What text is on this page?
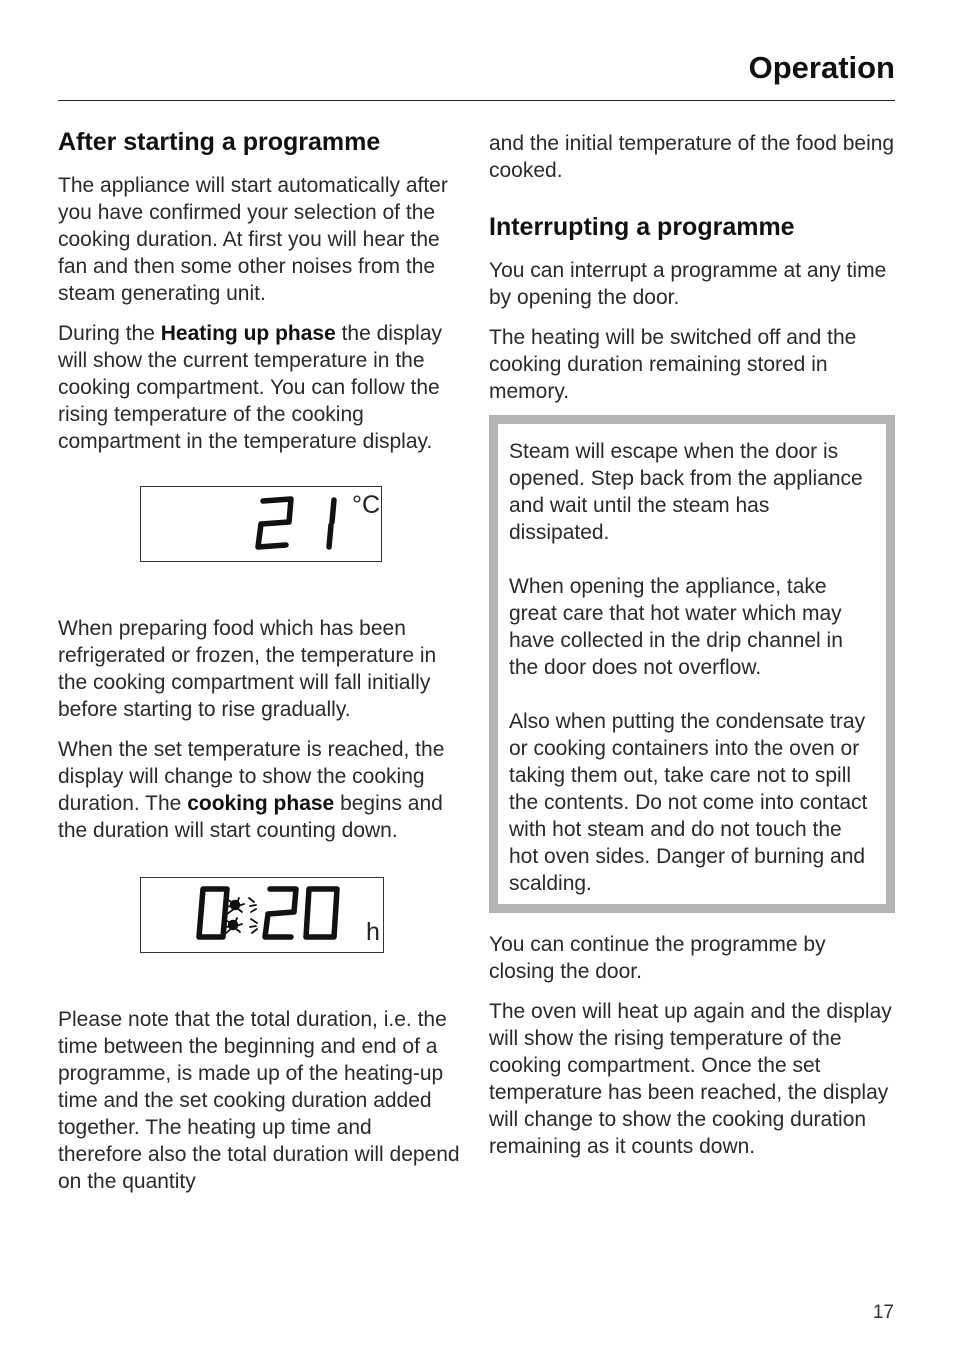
Operation
After starting a programme

The appliance will start automatically after you have confirmed your selection of the cooking duration. At first you will hear the fan and then some other noises from the steam generating unit.

During the Heating up phase the display will show the current temperature in the cooking compartment. You can follow the rising temperature of the cooking compartment in the temperature display.

°C

When preparing food which has been refrigerated or frozen, the temperature in the cooking compartment will fall initially before starting to rise gradually.

When the set temperature is reached, the display will change to show the cooking duration. The cooking phase begins and the duration will start counting down.

h

Please note that the total duration, i.e. the time between the beginning and end of a programme, is made up of the heating-up time and the set cooking duration added together. The heating up time and therefore also the total duration will depend on the quantity

and the initial temperature of the food being cooked.

Interrupting a programme

You can interrupt a programme at any time by opening the door.

The heating will be switched off and the cooking duration remaining stored in memory.

Steam will escape when the door is opened. Step back from the appliance and wait until the steam has dissipated.

When opening the appliance, take great care that hot water which may have collected in the drip channel in the door does not overflow.

Also when putting the condensate tray or cooking containers into the oven or taking them out, take care not to spill the contents. Do not come into contact with hot steam and do not touch the hot oven sides. Danger of burning and scalding.

You can continue the programme by closing the door.

The oven will heat up again and the display will show the rising temperature of the cooking compartment. Once the set temperature has been reached, the display will change to show the cooking duration remaining as it counts down.

17
